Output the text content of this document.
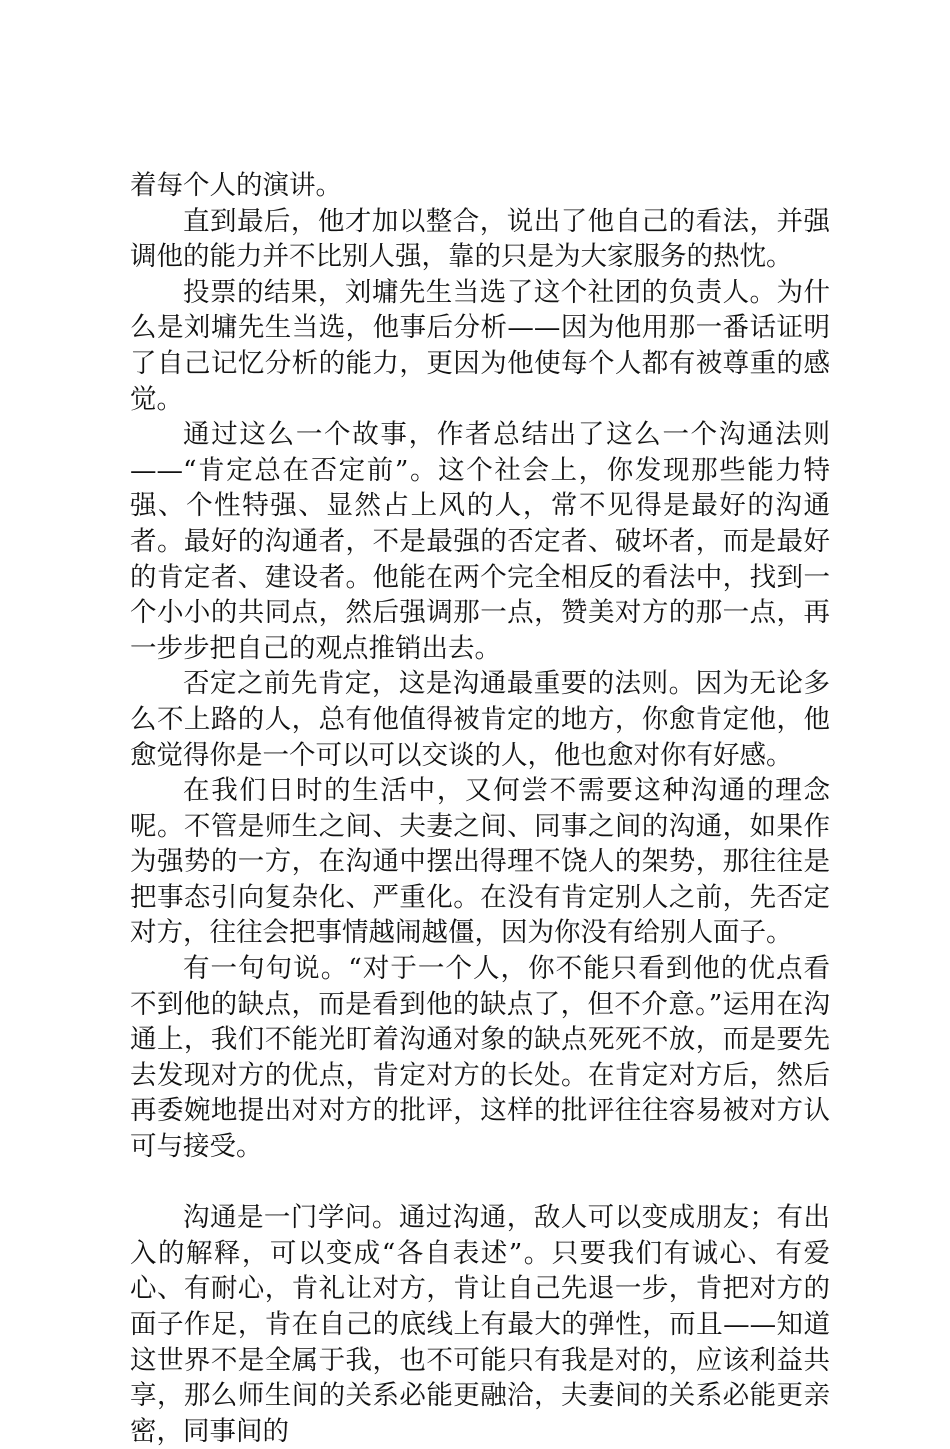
着每个人的演讲。

直到最后，他才加以整合，说出了他自己的看法，并强调他的能力并不比别人强，靠的只是为大家服务的热忱。

投票的结果，刘墉先生当选了这个社团的负责人。为什么是刘墉先生当选，他事后分析——因为他用那一番话证明了自己记忆分析的能力，更因为他使每个人都有被尊重的感觉。

通过这么一个故事，作者总结出了这么一个沟通法则——“肯定总在否定前”。这个社会上，你发现那些能力特强、个性特强、显然占上风的人，常不见得是最好的沟通者。最好的沟通者，不是最强的否定者、破坏者，而是最好的肯定者、建设者。他能在两个完全相反的看法中，找到一个小小的共同点，然后强调那一点，赞美对方的那一点，再一步步把自己的观点推销出去。

否定之前先肯定，这是沟通最重要的法则。因为无论多么不上路的人，总有他值得被肯定的地方，你愈肯定他，他愈觉得你是一个可以可以交谈的人，他也愈对你有好感。

在我们日时的生活中，又何尝不需要这种沟通的理念呢。不管是师生之间、夫妻之间、同事之间的沟通，如果作为强势的一方，在沟通中摆出得理不饶人的架势，那往往是把事态引向复杂化、严重化。在没有肯定别人之前，先否定对方，往往会把事情越闹越僵，因为你没有给别人面子。

有一句句说。“对于一个人，你不能只看到他的优点看不到他的缺点，而是看到他的缺点了，但不介意。”运用在沟通上，我们不能光盯着沟通对象的缺点死死不放，而是要先去发现对方的优点，肯定对方的长处。在肯定对方后，然后再委婉地提出对对方的批评，这样的批评往往容易被对方认可与接受。

沟通是一门学问。通过沟通，敌人可以变成朋友；有出入的解释，可以变成“各自表述”。只要我们有诚心、有爱心、有耐心，肯礼让对方，肯让自己先退一步，肯把对方的面子作足，肯在自己的底线上有最大的弹性，而且——知道这世界不是全属于我，也不可能只有我是对的，应该利益共享，那么师生间的关系必能更融洽，夫妻间的关系必能更亲密，同事间的
